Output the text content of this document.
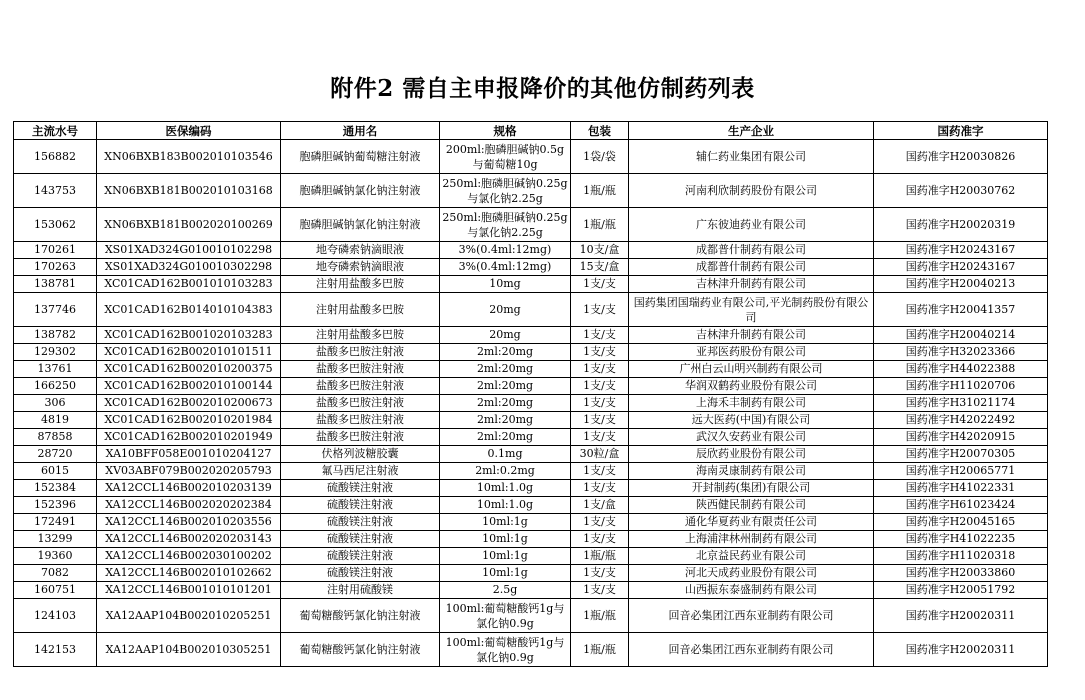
附件2 需自主申报降价的其他仿制药列表
主流水号	医保编码	通用名	规格	包装	生产企业	国药准字
156882	XN06BXB183B002010103546	胞磷胆碱钠葡萄糖注射液	200ml:胞磷胆碱钠0.5g与葡萄糖10g	1袋/袋	辅仁药业集团有限公司	国药准字H20030826
143753	XN06BXB181B002010103168	胞磷胆碱钠氯化钠注射液	250ml:胞磷胆碱钠0.25g与氯化钠2.25g	1瓶/瓶	河南利欣制药股份有限公司	国药准字H20030762
153062	XN06BXB181B002020100269	胞磷胆碱钠氯化钠注射液	250ml:胞磷胆碱钠0.25g与氯化钠2.25g	1瓶/瓶	广东彼迪药业有限公司	国药准字H20020319
170261	XS01XAD324G010010102298	地夸磷索钠滴眼液	3%(0.4ml:12mg)	10支/盒	成都普什制药有限公司	国药准字H20243167
170263	XS01XAD324G010010302298	地夸磷索钠滴眼液	3%(0.4ml:12mg)	15支/盒	成都普什制药有限公司	国药准字H20243167
138781	XC01CAD162B001010103283	注射用盐酸多巴胺	10mg	1支/支	吉林津升制药有限公司	国药准字H20040213
137746	XC01CAD162B014010104383	注射用盐酸多巴胺	20mg	1支/支	国药集团国瑞药业有限公司,平光制药股份有限公司	国药准字H20041357
138782	XC01CAD162B001020103283	注射用盐酸多巴胺	20mg	1支/支	吉林津升制药有限公司	国药准字H20040214
129302	XC01CAD162B002010101511	盐酸多巴胺注射液	2ml:20mg	1支/支	亚邦医药股份有限公司	国药准字H32023366
13761	XC01CAD162B002010200375	盐酸多巴胺注射液	2ml:20mg	1支/支	广州白云山明兴制药有限公司	国药准字H44022388
166250	XC01CAD162B002010100144	盐酸多巴胺注射液	2ml:20mg	1支/支	华润双鹤药业股份有限公司	国药准字H11020706
306	XC01CAD162B002010200673	盐酸多巴胺注射液	2ml:20mg	1支/支	上海禾丰制药有限公司	国药准字H31021174
4819	XC01CAD162B002010201984	盐酸多巴胺注射液	2ml:20mg	1支/支	远大医药(中国)有限公司	国药准字H42022492
87858	XC01CAD162B002010201949	盐酸多巴胺注射液	2ml:20mg	1支/支	武汉久安药业有限公司	国药准字H42020915
28720	XA10BFF058E001010204127	伏格列波糖胶囊	0.1mg	30粒/盒	辰欣药业股份有限公司	国药准字H20070305
6015	XV03ABF079B002020205793	氟马西尼注射液	2ml:0.2mg	1支/支	海南灵康制药有限公司	国药准字H20065771
152384	XA12CCL146B002010203139	硫酸镁注射液	10ml:1.0g	1支/支	开封制药(集团)有限公司	国药准字H41022331
152396	XA12CCL146B002020202384	硫酸镁注射液	10ml:1.0g	1支/盒	陕西健民制药有限公司	国药准字H61023424
172491	XA12CCL146B002010203556	硫酸镁注射液	10ml:1g	1支/支	通化华夏药业有限责任公司	国药准字H20045165
13299	XA12CCL146B002020203143	硫酸镁注射液	10ml:1g	1支/支	上海浦津林州制药有限公司	国药准字H41022235
19360	XA12CCL146B002030100202	硫酸镁注射液	10ml:1g	1瓶/瓶	北京益民药业有限公司	国药准字H11020318
7082	XA12CCL146B002010102662	硫酸镁注射液	10ml:1g	1支/支	河北天成药业股份有限公司	国药准字H20033860
160751	XA12CCL146B001010101201	注射用硫酸镁	2.5g	1支/支	山西振东泰盛制药有限公司	国药准字H20051792
124103	XA12AAP104B002010205251	葡萄糖酸钙氯化钠注射液	100ml:葡萄糖酸钙1g与氯化钠0.9g	1瓶/瓶	回音必集团江西东亚制药有限公司	国药准字H20020311
142153	XA12AAP104B002010305251	葡萄糖酸钙氯化钠注射液	100ml:葡萄糖酸钙1g与氯化钠0.9g	1瓶/瓶	回音必集团江西东亚制药有限公司	国药准字H20020311
